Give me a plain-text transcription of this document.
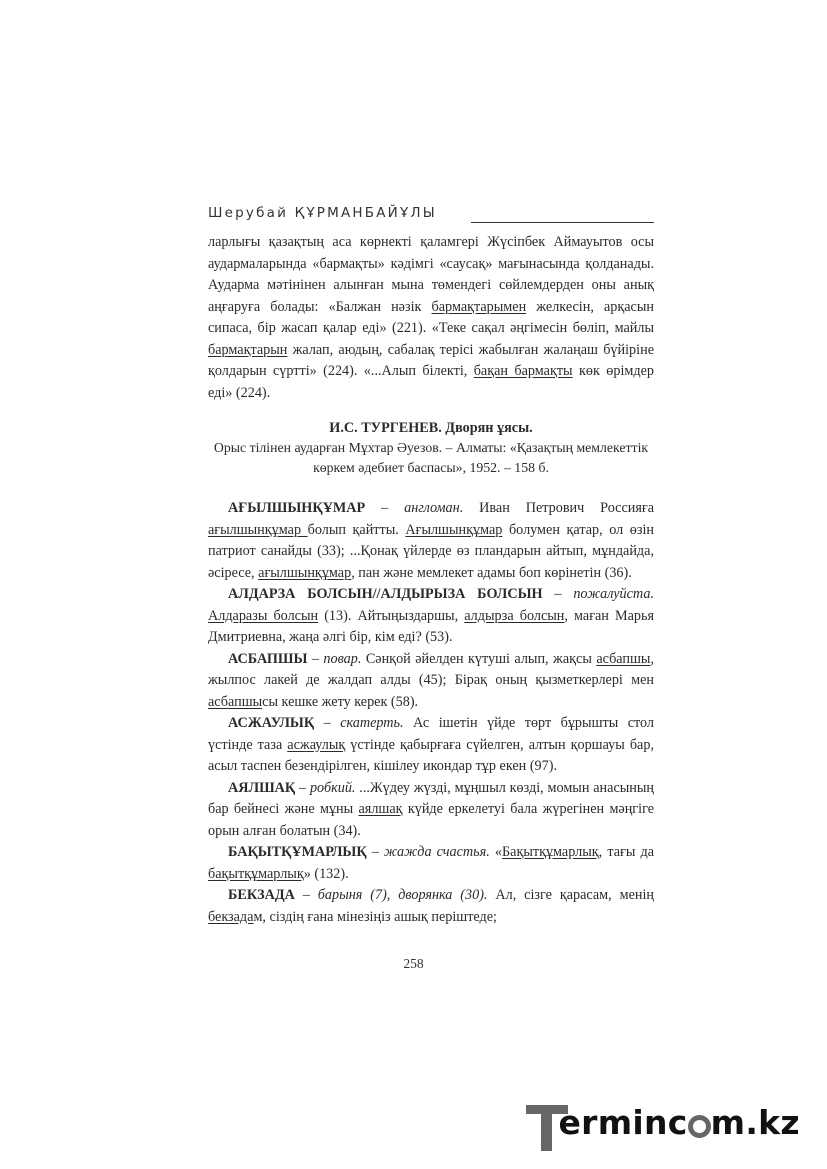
Шерубай ҚҰРМАНБАЙҰЛЫ

ларлығы қазақтың аса көрнекті қаламгері Жүсіпбек Аймауытов осы аудармаларында «бармақты» кәдімгі «саусақ» мағынасында қолданады. Аударма мәтінінен алынған мына төмендегі сөйлемдерден оны анық аңғаруға болады: «Балжан нәзік бармақтарымен желкесін, арқасын сипаса, бір жасап қалар еді» (221). «Теке сақал әңгімесін бөліп, майлы бармақтарын жалап, аюдың, сабалақ терісі жабылған жалаңаш бүйіріне қолдарын сүртті» (224). «...Алып білекті, бақан бармақты көк өрімдер еді» (224).

И.С. ТУРГЕНЕВ. Дворян ұясы.
Орыс тілінен аударған Мұхтар Әуезов. – Алматы: «Қазақтың мемлекеттік көркем әдебиет баспасы», 1952. – 158 б.

АҒЫЛШЫНҚҰМАР – англоман. Иван Петрович Россияға ағылшынқұмар болып қайтты. Ағылшынқұмар болумен қатар, ол өзін патриот санайды (33); ...Қонақ үйлерде өз пландарын айтып, мұндайда, әсіресе, ағылшынқұмар, пан және мемлекет адамы боп көрінетін (36).

АЛДАРЗА БОЛСЫН//АЛДЫРЫЗА БОЛСЫН – пожалуйста. Алдаразы болсын (13). Айтыңыздаршы, алдырза болсын, маған Марья Дмитриевна, жаңа әлгі бір, кім еді? (53).

АСБАПШЫ – повар. Сәнқой әйелден күтуші алып, жақсы асбапшы, жылпос лакей де жалдап алды (45); Бірақ оның қызметкерлері мен асбапшысы кешке жету керек (58).

АСЖАУЛЫҚ – скатерть. Ас ішетін үйде төрт бұрышты стол үстінде таза асжаулық үстінде қабырғаға сүйелген, алтын қоршауы бар, асыл таспен безендірілген, кішілеу икондар тұр екен (97).

АЯЛШАҚ – робкий. ...Жүдеу жүзді, мұңшыл көзді, момын анасының бар бейнесі және мұны аялшақ күйде еркелетуі бала жүрегінен мәңгіге орын алған болатын (34).

БАҚЫТҚҰМАРЛЫҚ – жажда счастья. «Бақытқұмарлық, тағы да бақытқұмарлық» (132).

БЕКЗАДА – барыня (7), дворянка (30). Ал, сізге қарасам, менің бекзадам, сіздің ғана мінезіңіз ашық періштеде;

258
erminc m.kz
